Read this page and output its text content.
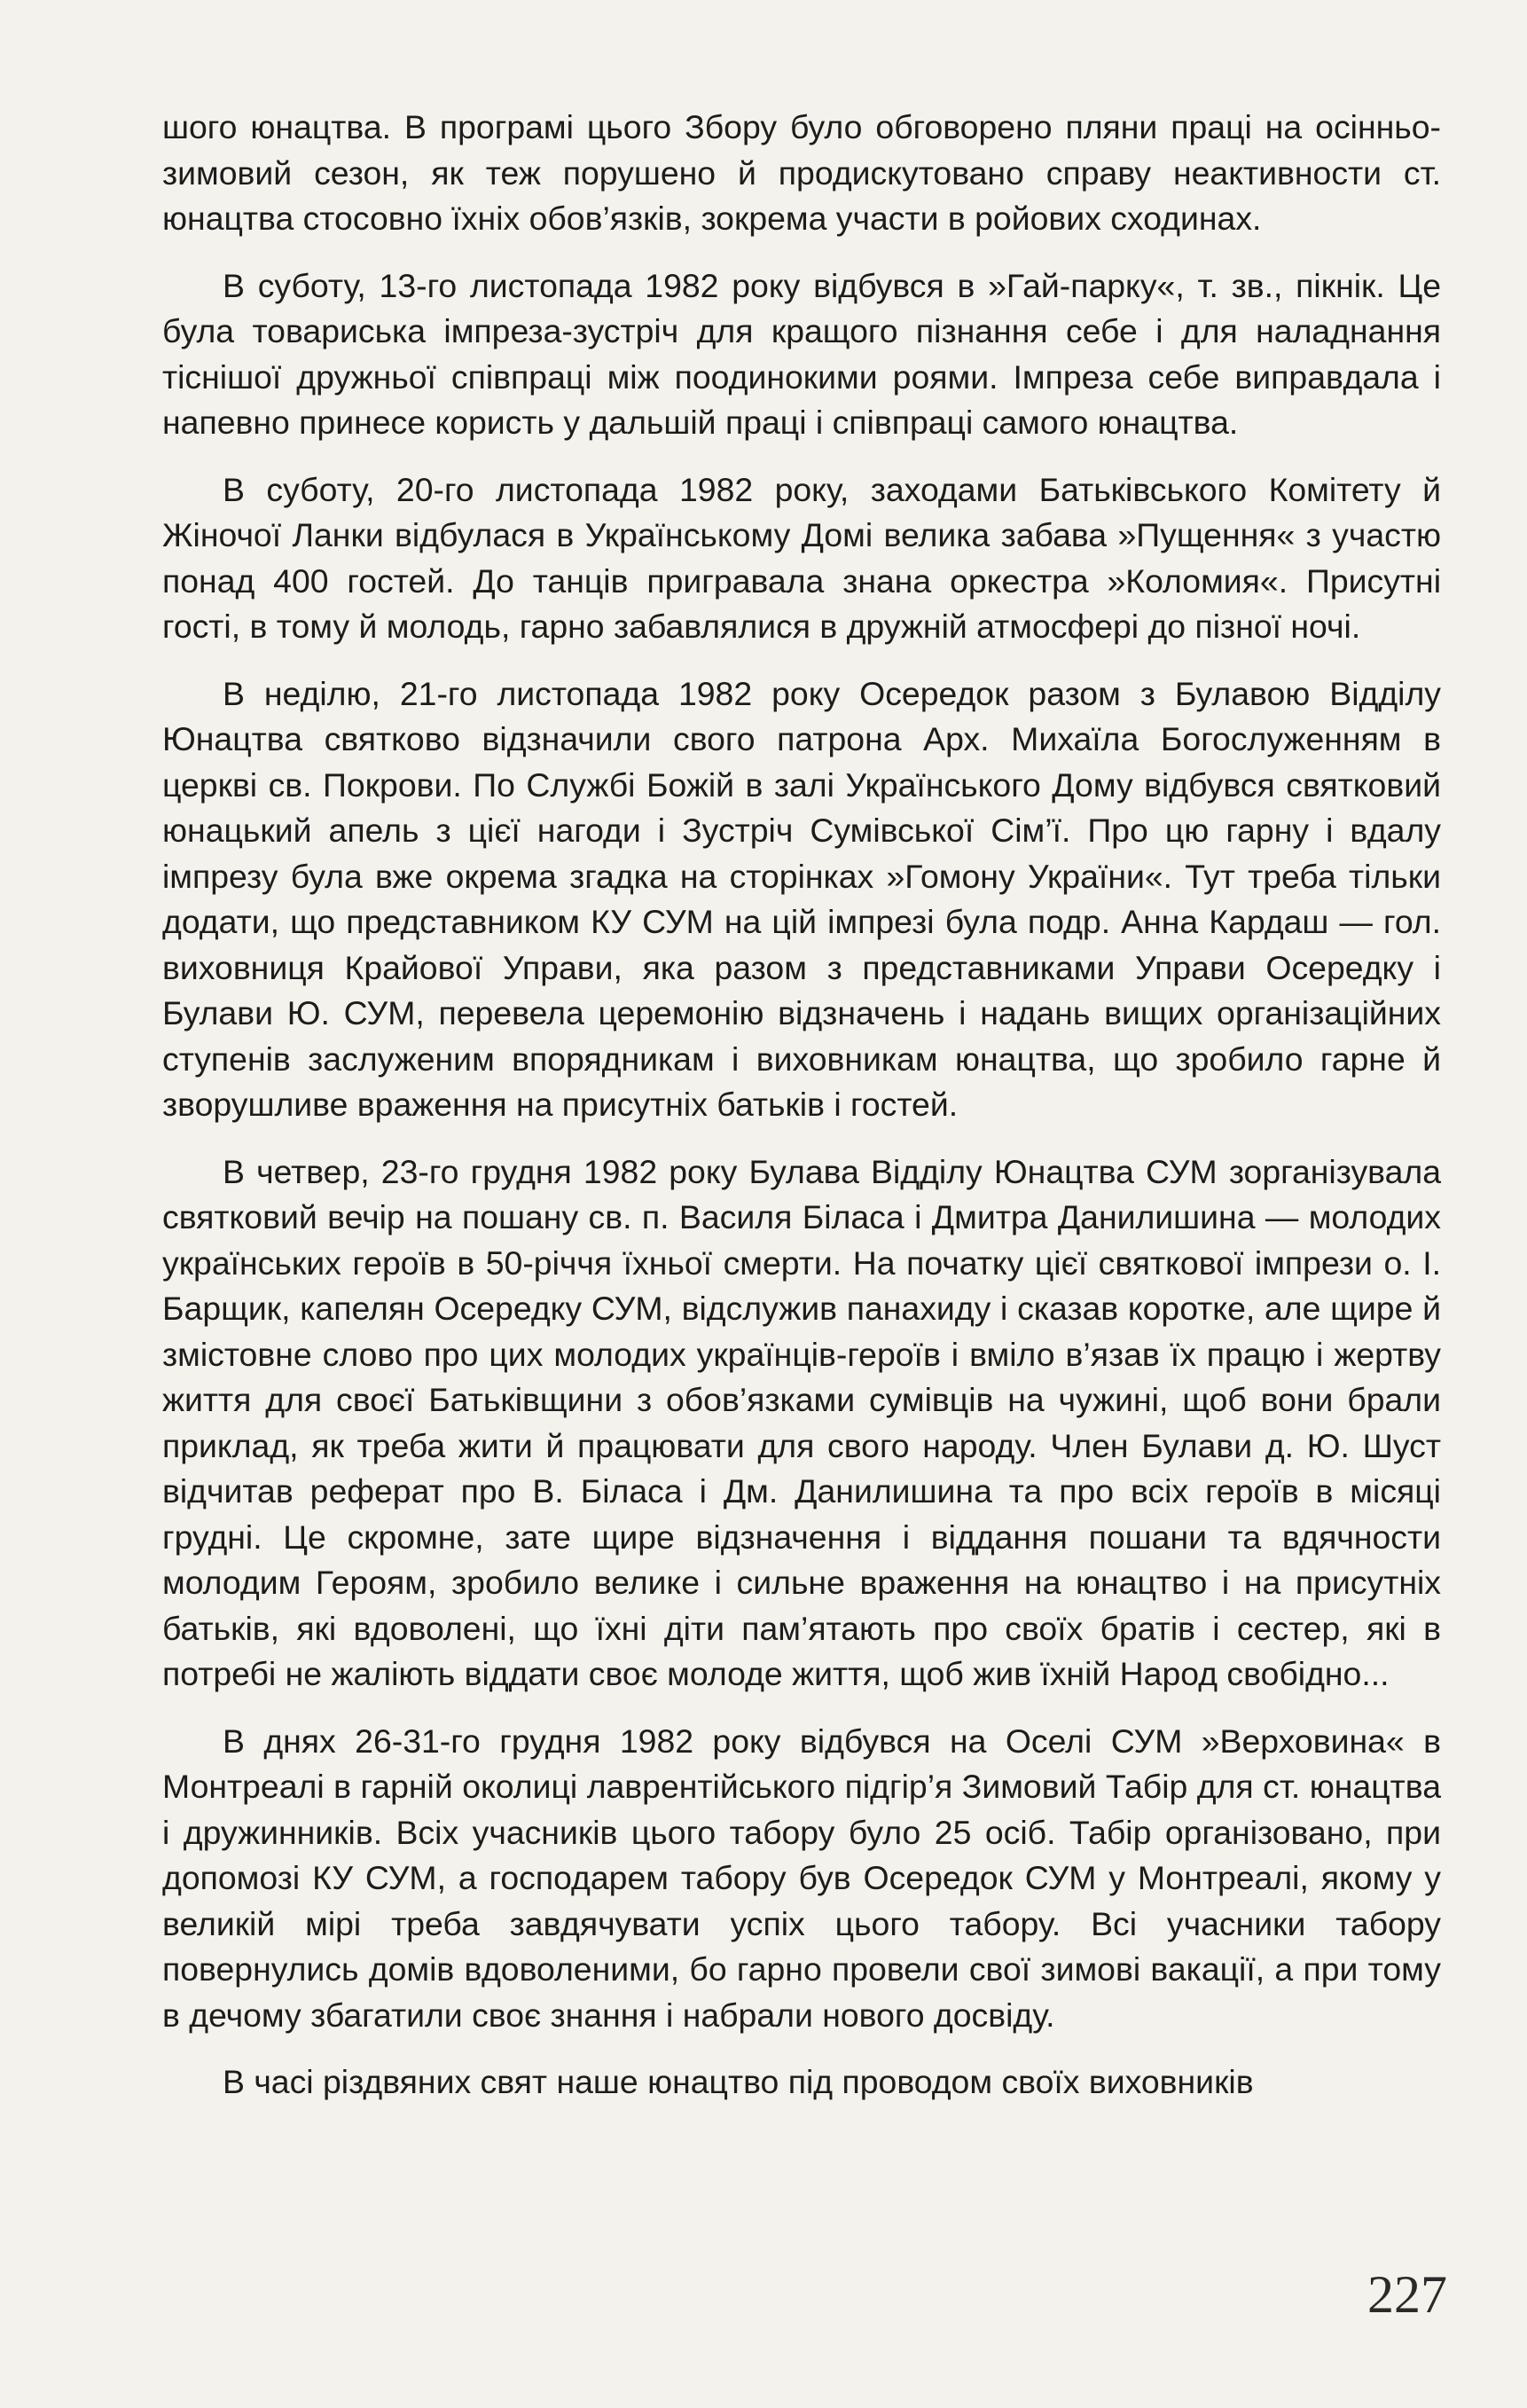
шого юнацтва. В програмі цього Збору було обговорено пляни праці на осінньо-зимовий сезон, як теж порушено й продискутовано справу неактивности ст. юнацтва стосовно їхніх обов’язків, зокрема участи в ройових сходинах.

В суботу, 13-го листопада 1982 року відбувся в »Гай-парку«, т. зв., пікнік. Це була товариська імпреза-зустріч для кращого пізнання себе і для наладнання тіснішої дружньої співпраці між поодинокими роями. Імпреза себе виправдала і напевно принесе користь у дальшій праці і співпраці самого юнацтва.

В суботу, 20-го листопада 1982 року, заходами Батьківського Комітету й Жіночої Ланки відбулася в Українському Домі велика забава »Пущення« з участю понад 400 гостей. До танців пригравала знана оркестра »Коломия«. Присутні гості, в тому й молодь, гарно забавлялися в дружній атмосфері до пізної ночі.

В неділю, 21-го листопада 1982 року Осередок разом з Булавою Відділу Юнацтва святково відзначили свого патрона Арх. Михаїла Богослуженням в церкві св. Покрови. По Службі Божій в залі Українського Дому відбувся святковий юнацький апель з цієї нагоди і Зустріч Сумівської Сім’ї. Про цю гарну і вдалу імпрезу була вже окрема згадка на сторінках »Гомону України«. Тут треба тільки додати, що представником КУ СУМ на цій імпрезі була подр. Анна Кардаш — гол. виховниця Крайової Управи, яка разом з представниками Управи Осередку і Булави Ю. СУМ, перевела церемонію відзначень і надань вищих організаційних ступенів заслуженим впорядникам і виховникам юнацтва, що зробило гарне й зворушливе враження на присутніх батьків і гостей.

В четвер, 23-го грудня 1982 року Булава Відділу Юнацтва СУМ зорганізувала святковий вечір на пошану св. п. Василя Біласа і Дмитра Данилишина — молодих українських героїв в 50-річчя їхньої смерти. На початку цієї святкової імпрези о. І. Барщик, капелян Осередку СУМ, відслужив панахиду і сказав коротке, але щире й змістовне слово про цих молодих українців-героїв і вміло в’язав їх працю і жертву життя для своєї Батьківщини з обов’язками сумівців на чужині, щоб вони брали приклад, як треба жити й працювати для свого народу. Член Булави д. Ю. Шуст відчитав реферат про В. Біласа і Дм. Данилишина та про всіх героїв в місяці грудні. Це скромне, зате щире відзначення і віддання пошани та вдячности молодим Героям, зробило велике і сильне враження на юнацтво і на присутніх батьків, які вдоволені, що їхні діти пам’ятають про своїх братів і сестер, які в потребі не жаліють віддати своє молоде життя, щоб жив їхній Народ свобідно...

В днях 26-31-го грудня 1982 року відбувся на Оселі СУМ »Верховина« в Монтреалі в гарній околиці лаврентійського підгір’я Зимовий Табір для ст. юнацтва і дружинників. Всіх учасників цього табору було 25 осіб. Табір організовано, при допомозі КУ СУМ, а господарем табору був Осередок СУМ у Монтреалі, якому у великій мірі треба завдячувати успіх цього табору. Всі учасники табору повернулись домів вдоволеними, бо гарно провели свої зимові вакації, а при тому в дечому збагатили своє знання і набрали нового досвіду.

В часі різдвяних свят наше юнацтво під проводом своїх виховників

227
